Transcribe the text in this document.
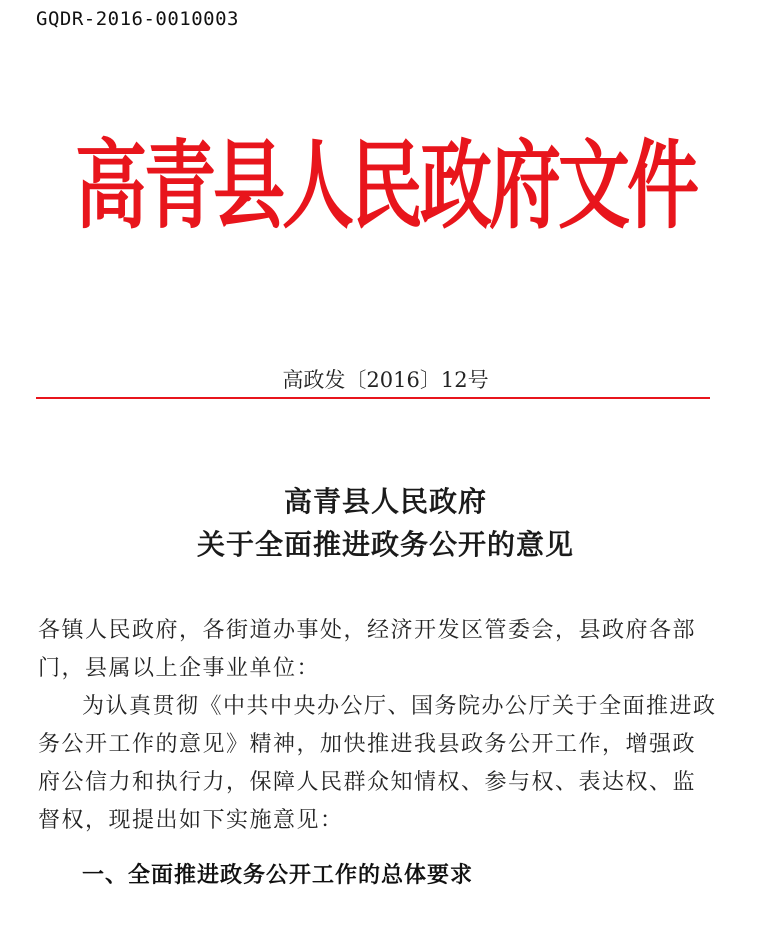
GQDR-2016-0010003
高青县人民政府文件
高政发〔2016〕12号
高青县人民政府
关于全面推进政务公开的意见

各镇人民政府，各街道办事处，经济开发区管委会，县政府各部门，县属以上企事业单位：

为认真贯彻《中共中央办公厅、国务院办公厅关于全面推进政务公开工作的意见》精神，加快推进我县政务公开工作，增强政府公信力和执行力，保障人民群众知情权、参与权、表达权、监督权，现提出如下实施意见：

一、全面推进政务公开工作的总体要求
